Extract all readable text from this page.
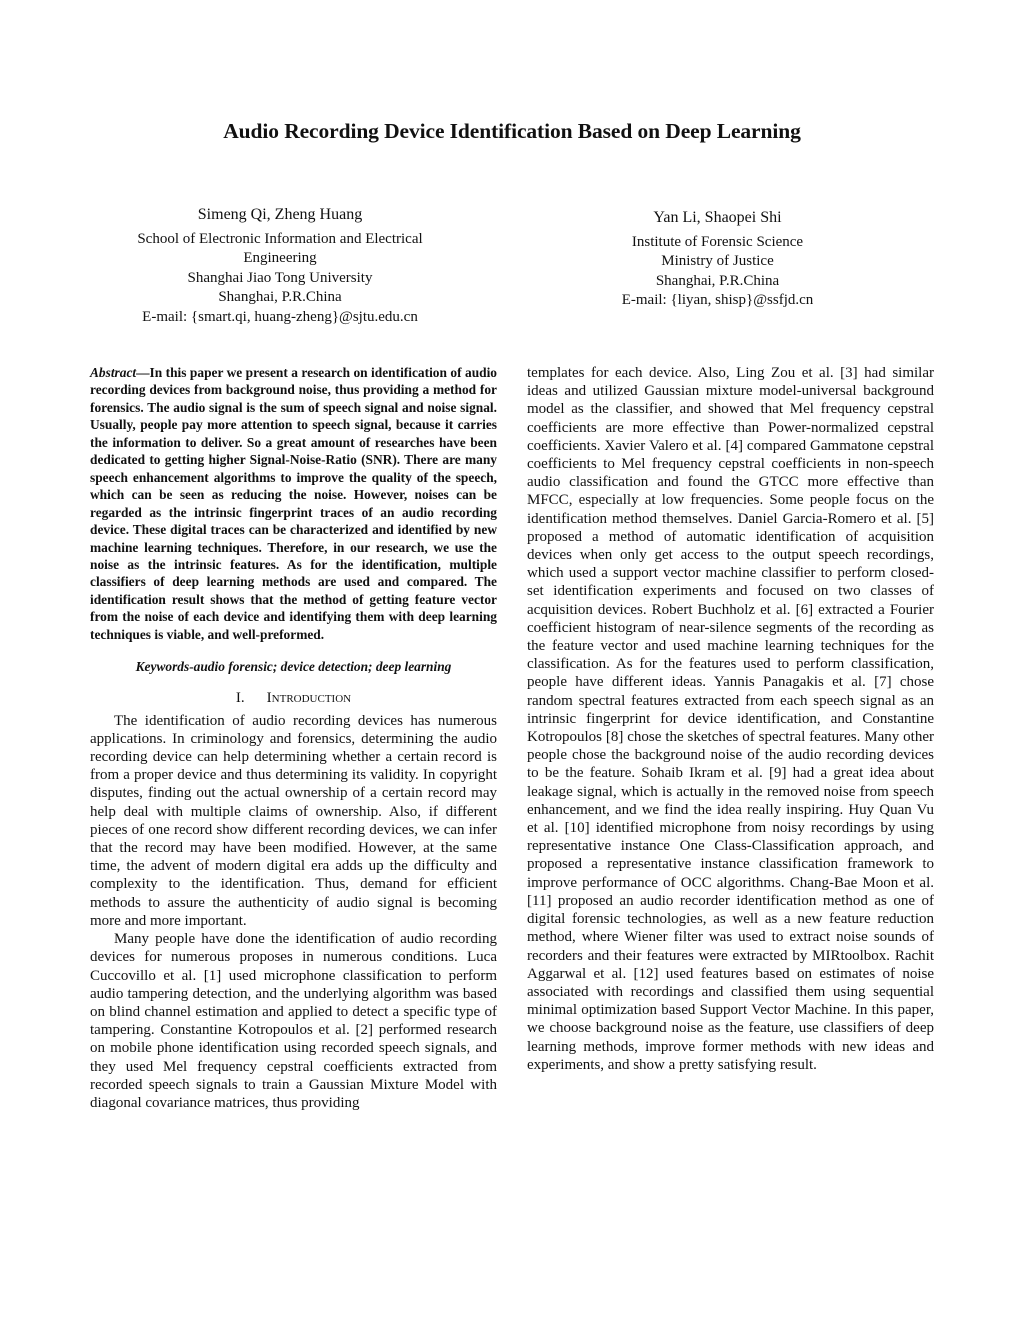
Audio Recording Device Identification Based on Deep Learning
Simeng Qi, Zheng Huang
School of Electronic Information and Electrical
Engineering
Shanghai Jiao Tong University
Shanghai, P.R.China
E-mail: {smart.qi, huang-zheng}@sjtu.edu.cn
Yan Li, Shaopei Shi
Institute of Forensic Science
Ministry of Justice
Shanghai, P.R.China
E-mail: {liyan, shisp}@ssfjd.cn

Abstract—In this paper we present a research on identification of audio recording devices from background noise, thus providing a method for forensics. The audio signal is the sum of speech signal and noise signal. Usually, people pay more attention to speech signal, because it carries the information to deliver. So a great amount of researches have been dedicated to getting higher Signal-Noise-Ratio (SNR). There are many speech enhancement algorithms to improve the quality of the speech, which can be seen as reducing the noise. However, noises can be regarded as the intrinsic fingerprint traces of an audio recording device. These digital traces can be characterized and identified by new machine learning techniques. Therefore, in our research, we use the noise as the intrinsic features. As for the identification, multiple classifiers of deep learning methods are used and compared. The identification result shows that the method of getting feature vector from the noise of each device and identifying them with deep learning techniques is viable, and well-preformed.

Keywords-audio forensic; device detection; deep learning

I. Introduction

The identification of audio recording devices has numerous applications. In criminology and forensics, determining the audio recording device can help determining whether a certain record is from a proper device and thus determining its validity. In copyright disputes, finding out the actual ownership of a certain record may help deal with multiple claims of ownership. Also, if different pieces of one record show different recording devices, we can infer that the record may have been modified. However, at the same time, the advent of modern digital era adds up the difficulty and complexity to the identification. Thus, demand for efficient methods to assure the authenticity of audio signal is becoming more and more important.

Many people have done the identification of audio recording devices for numerous proposes in numerous conditions. Luca Cuccovillo et al. [1] used microphone classification to perform audio tampering detection, and the underlying algorithm was based on blind channel estimation and applied to detect a specific type of tampering. Constantine Kotropoulos et al. [2] performed research on mobile phone identification using recorded speech signals, and they used Mel frequency cepstral coefficients extracted from recorded speech signals to train a Gaussian Mixture Model with diagonal covariance matrices, thus providing

templates for each device. Also, Ling Zou et al. [3] had similar ideas and utilized Gaussian mixture model-universal background model as the classifier, and showed that Mel frequency cepstral coefficients are more effective than Power-normalized cepstral coefficients. Xavier Valero et al. [4] compared Gammatone cepstral coefficients to Mel frequency cepstral coefficients in non-speech audio classification and found the GTCC more effective than MFCC, especially at low frequencies. Some people focus on the identification method themselves. Daniel Garcia-Romero et al. [5] proposed a method of automatic identification of acquisition devices when only get access to the output speech recordings, which used a support vector machine classifier to perform closed-set identification experiments and focused on two classes of acquisition devices. Robert Buchholz et al. [6] extracted a Fourier coefficient histogram of near-silence segments of the recording as the feature vector and used machine learning techniques for the classification. As for the features used to perform classification, people have different ideas. Yannis Panagakis et al. [7] chose random spectral features extracted from each speech signal as an intrinsic fingerprint for device identification, and Constantine Kotropoulos [8] chose the sketches of spectral features. Many other people chose the background noise of the audio recording devices to be the feature. Sohaib Ikram et al. [9] had a great idea about leakage signal, which is actually in the removed noise from speech enhancement, and we find the idea really inspiring. Huy Quan Vu et al. [10] identified microphone from noisy recordings by using representative instance One Class-Classification approach, and proposed a representative instance classification framework to improve performance of OCC algorithms. Chang-Bae Moon et al. [11] proposed an audio recorder identification method as one of digital forensic technologies, as well as a new feature reduction method, where Wiener filter was used to extract noise sounds of recorders and their features were extracted by MIRtoolbox. Rachit Aggarwal et al. [12] used features based on estimates of noise associated with recordings and classified them using sequential minimal optimization based Support Vector Machine. In this paper, we choose background noise as the feature, use classifiers of deep learning methods, improve former methods with new ideas and experiments, and show a pretty satisfying result.
